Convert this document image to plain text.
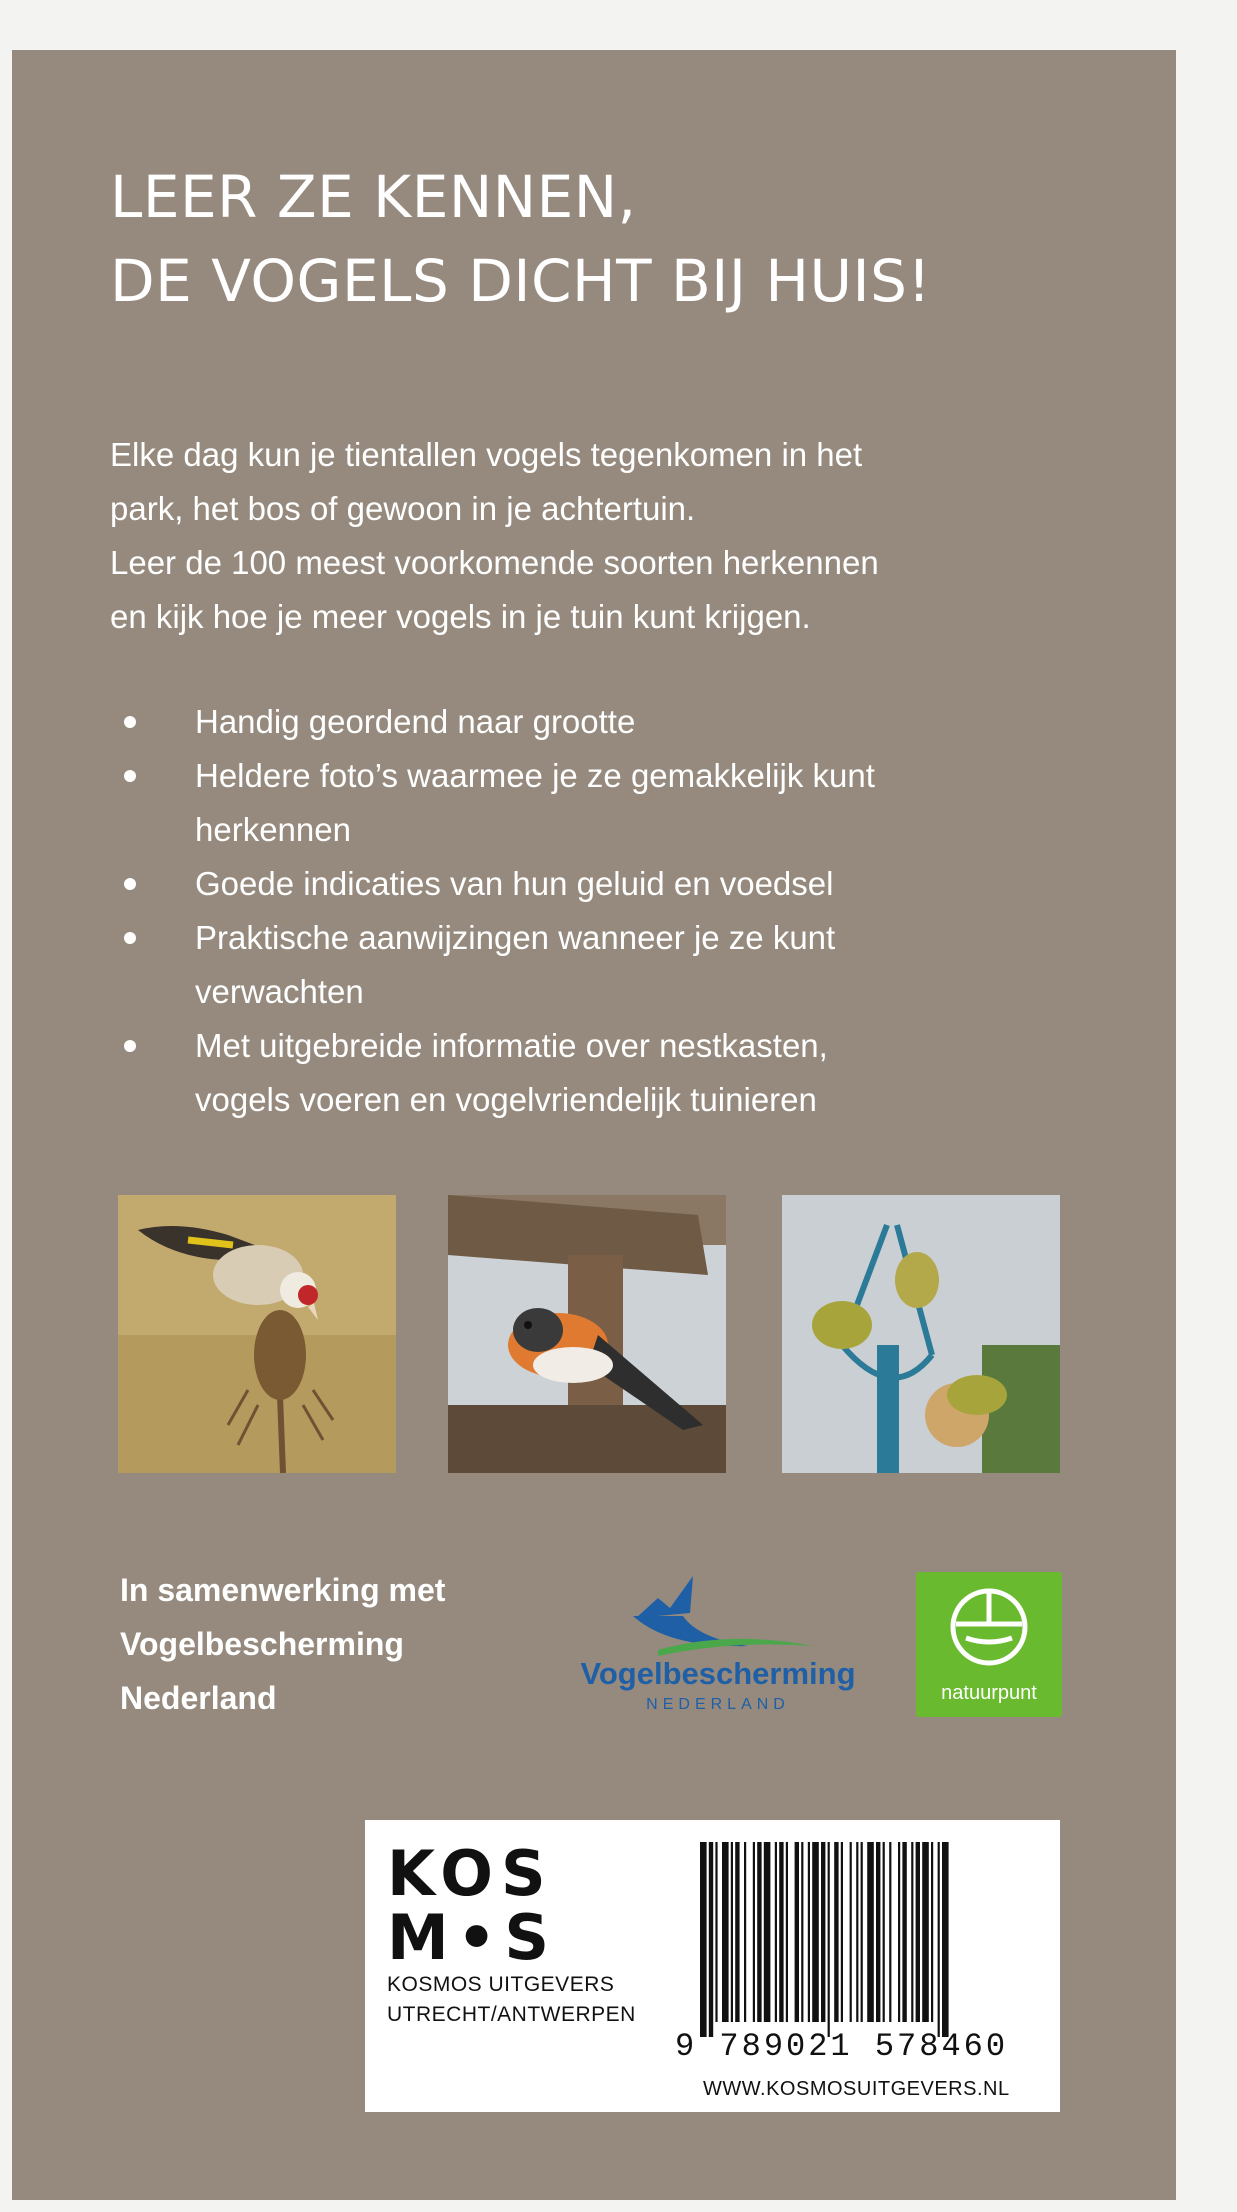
LEER ZE KENNEN,
DE VOGELS DICHT BIJ HUIS!
Elke dag kun je tientallen vogels tegenkomen in het
park, het bos of gewoon in je achtertuin.
Leer de 100 meest voorkomende soorten herkennen
en kijk hoe je meer vogels in je tuin kunt krijgen.
Handig geordend naar grootte
Heldere foto’s waarmee je ze gemakkelijk kunt
herkennen
Goede indicaties van hun geluid en voedsel
Praktische aanwijzingen wanneer je ze kunt
verwachten
Met uitgebreide informatie over nestkasten,
vogels voeren en vogelvriendelijk tuinieren
In samenwerking met
Vogelbescherming
Nederland
Vogelbescherming
NEDERLAND
natuurpunt
KOS
M•S
KOSMOS UITGEVERS
UTRECHT/ANTWERPEN
9 789021 578460
WWW.KOSMOSUITGEVERS.NL
